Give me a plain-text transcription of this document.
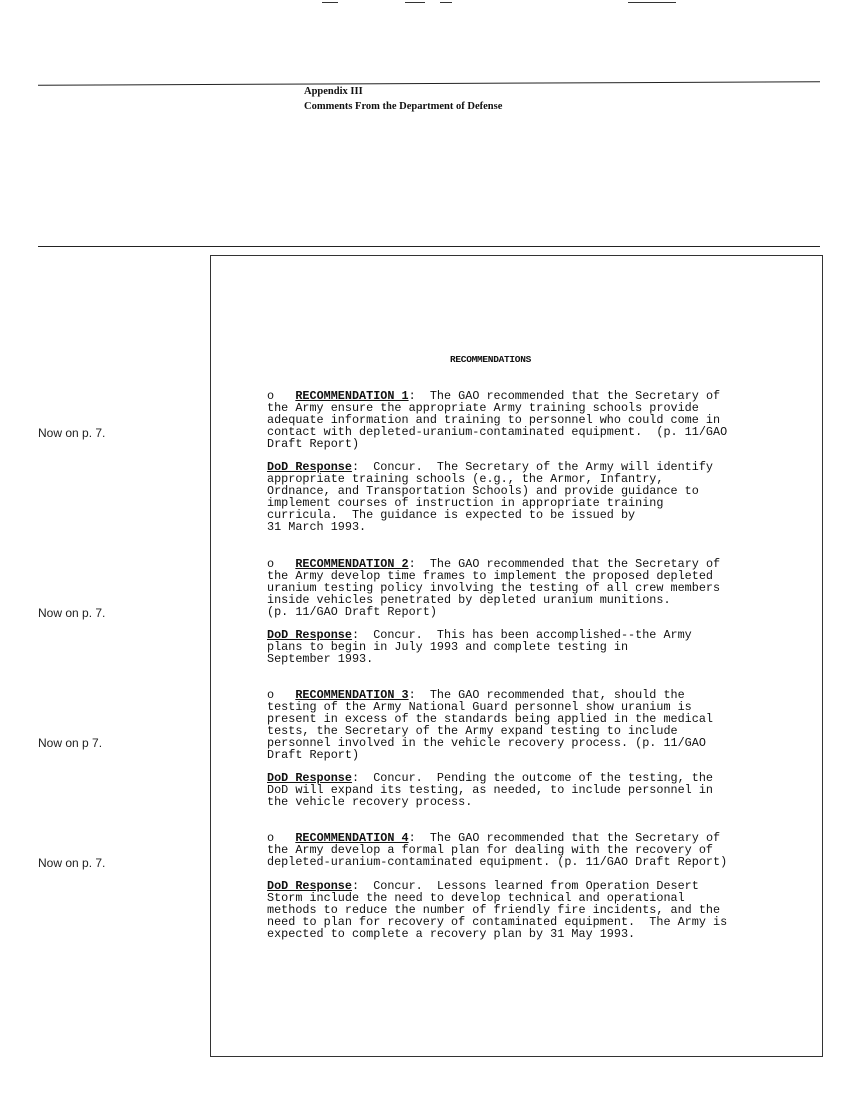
Appendix III
Comments From the Department of Defense
RECOMMENDATIONS
Now on p. 7.
Now on p. 7.
Now on p 7.
Now on p. 7.
o   RECOMMENDATION 1:  The GAO recommended that the Secretary of
the Army ensure the appropriate Army training schools provide
adequate information and training to personnel who could come in
contact with depleted-uranium-contaminated equipment.  (p. 11/GAO
Draft Report)
DoD Response:  Concur.  The Secretary of the Army will identify
appropriate training schools (e.g., the Armor, Infantry,
Ordnance, and Transportation Schools) and provide guidance to
implement courses of instruction in appropriate training
curricula.  The guidance is expected to be issued by
31 March 1993.
o   RECOMMENDATION 2:  The GAO recommended that the Secretary of
the Army develop time frames to implement the proposed depleted
uranium testing policy involving the testing of all crew members
inside vehicles penetrated by depleted uranium munitions.
(p. 11/GAO Draft Report)
DoD Response:  Concur.  This has been accomplished--the Army
plans to begin in July 1993 and complete testing in
September 1993.
o   RECOMMENDATION 3:  The GAO recommended that, should the
testing of the Army National Guard personnel show uranium is
present in excess of the standards being applied in the medical
tests, the Secretary of the Army expand testing to include
personnel involved in the vehicle recovery process. (p. 11/GAO
Draft Report)
DoD Response:  Concur.  Pending the outcome of the testing, the
DoD will expand its testing, as needed, to include personnel in
the vehicle recovery process.
o   RECOMMENDATION 4:  The GAO recommended that the Secretary of
the Army develop a formal plan for dealing with the recovery of
depleted-uranium-contaminated equipment. (p. 11/GAO Draft Report)
DoD Response:  Concur.  Lessons learned from Operation Desert
Storm include the need to develop technical and operational
methods to reduce the number of friendly fire incidents, and the
need to plan for recovery of contaminated equipment.  The Army is
expected to complete a recovery plan by 31 May 1993.
